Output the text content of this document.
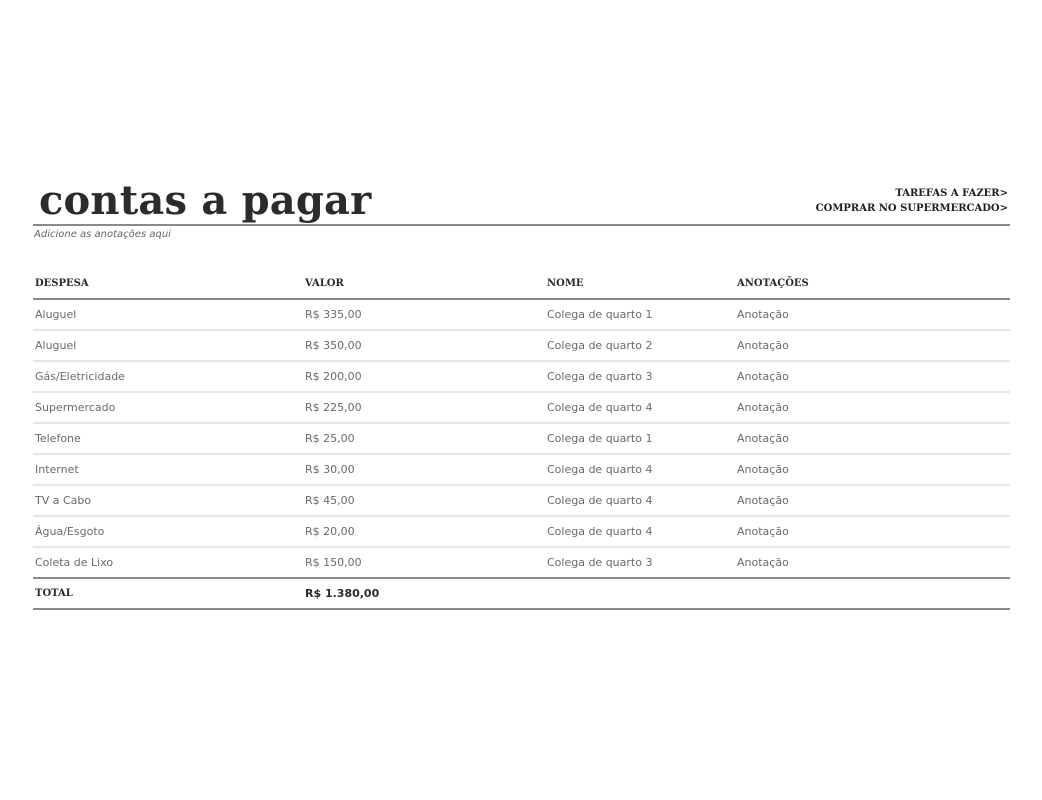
contas a pagar	TAREFAS A FAZER>
COMPRAR NO SUPERMERCADO>
Adicione as anotações aqui
DESPESA	VALOR	NOME	ANOTAÇÕES
Aluguel	R$ 335,00	Colega de quarto 1	Anotação
Aluguel	R$ 350,00	Colega de quarto 2	Anotação
Gás/Eletricidade	R$ 200,00	Colega de quarto 3	Anotação
Supermercado	R$ 225,00	Colega de quarto 4	Anotação
Telefone	R$ 25,00	Colega de quarto 1	Anotação
Internet	R$ 30,00	Colega de quarto 4	Anotação
TV a Cabo	R$ 45,00	Colega de quarto 4	Anotação
Água/Esgoto	R$ 20,00	Colega de quarto 4	Anotação
Coleta de Lixo	R$ 150,00	Colega de quarto 3	Anotação
TOTAL	R$ 1.380,00		
